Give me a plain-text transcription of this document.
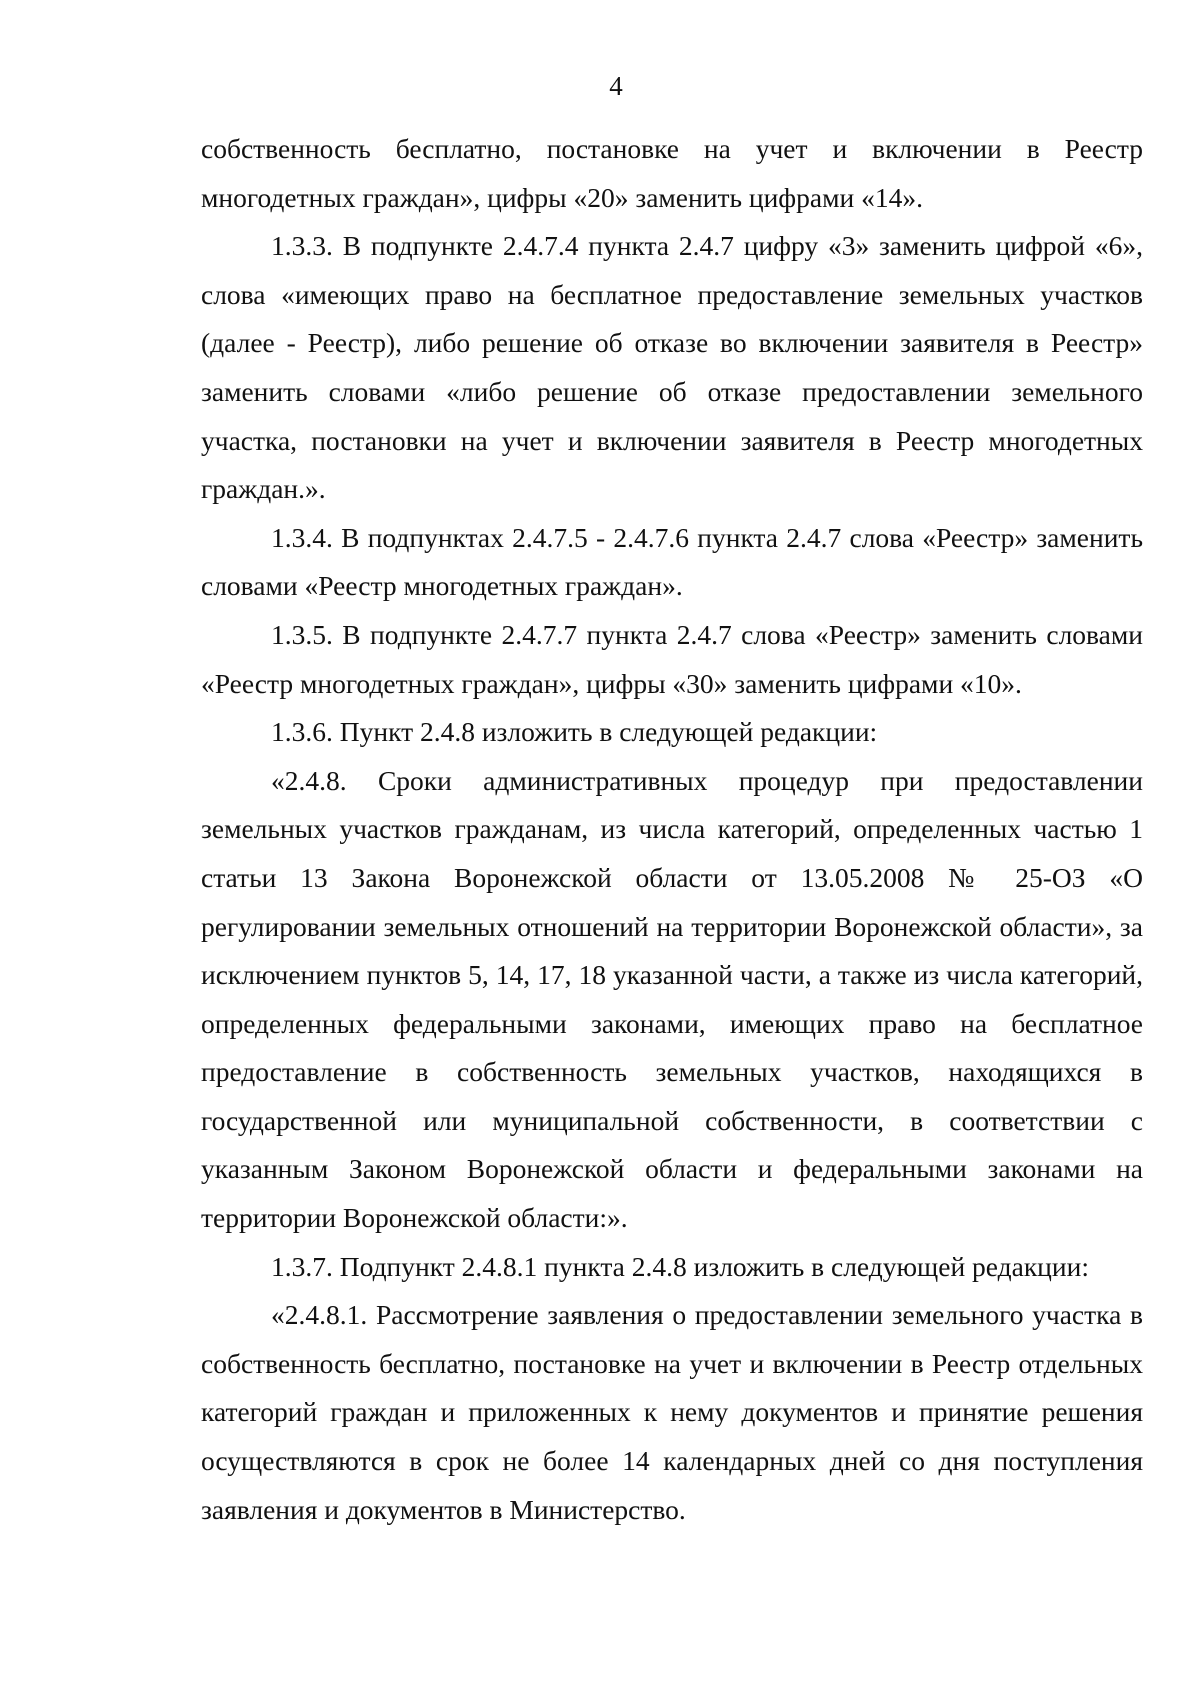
4

собственность бесплатно, постановке на учет и включении в Реестр многодетных граждан», цифры «20» заменить цифрами «14».

1.3.3. В подпункте 2.4.7.4 пункта 2.4.7 цифру «3» заменить цифрой «6», слова «имеющих право на бесплатное предоставление земельных участков (далее - Реестр), либо решение об отказе во включении заявителя в Реестр» заменить словами «либо решение об отказе предоставлении земельного участка, постановки на учет и включении заявителя в Реестр многодетных граждан.».

1.3.4. В подпунктах 2.4.7.5 - 2.4.7.6 пункта 2.4.7 слова «Реестр» заменить словами «Реестр многодетных граждан».

1.3.5. В подпункте 2.4.7.7 пункта 2.4.7 слова «Реестр» заменить словами «Реестр многодетных граждан», цифры «30» заменить цифрами «10».

1.3.6. Пункт 2.4.8 изложить в следующей редакции:

«2.4.8. Сроки административных процедур при предоставлении земельных участков гражданам, из числа категорий, определенных частью 1 статьи 13 Закона Воронежской области от 13.05.2008 № 25-ОЗ «О регулировании земельных отношений на территории Воронежской области», за исключением пунктов 5, 14, 17, 18 указанной части, а также из числа категорий, определенных федеральными законами, имеющих право на бесплатное предоставление в собственность земельных участков, находящихся в государственной или муниципальной собственности, в соответствии с указанным Законом Воронежской области и федеральными законами на территории Воронежской области:».

1.3.7. Подпункт 2.4.8.1 пункта 2.4.8 изложить в следующей редакции:

«2.4.8.1. Рассмотрение заявления о предоставлении земельного участка в собственность бесплатно, постановке на учет и включении в Реестр отдельных категорий граждан и приложенных к нему документов и принятие решения осуществляются в срок не более 14 календарных дней со дня поступления заявления и документов в Министерство.
